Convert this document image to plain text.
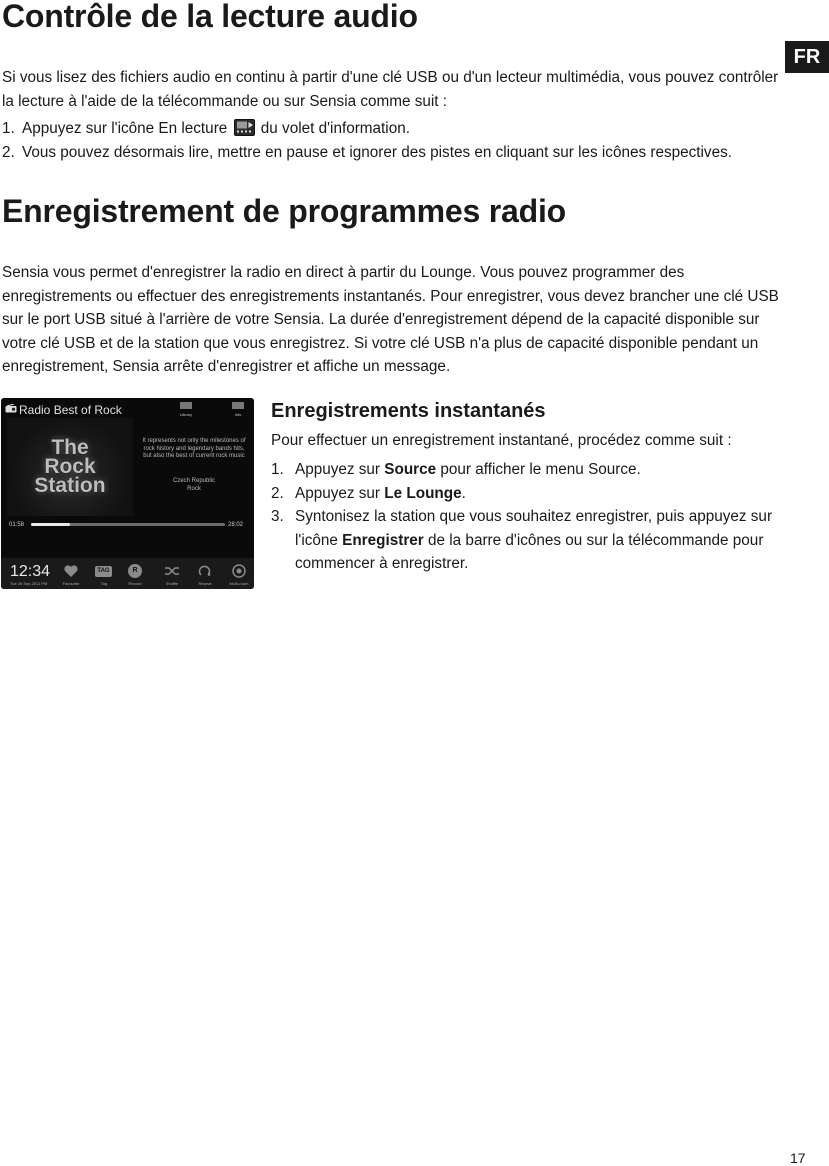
FR
Contrôle de la lecture audio

Si vous lisez des fichiers audio en continu à partir d'une clé USB ou d'un lecteur multimédia, vous pouvez contrôler la lecture à l'aide de la télécommande ou sur Sensia comme suit :

1. Appuyez sur l'icône En lecture du volet d'information.
2. Vous pouvez désormais lire, mettre en pause et ignorer des pistes en cliquant sur les icônes respectives.
Enregistrement de programmes radio

Sensia vous permet d'enregistrer la radio en direct à partir du Lounge. Vous pouvez programmer des enregistrements ou effectuer des enregistrements instantanés. Pour enregistrer, vous devez brancher une clé USB sur le port USB situé à l'arrière de votre Sensia. La durée d'enregistrement dépend de la capacité disponible sur votre clé USB et de la station que vous enregistrez. Si votre clé USB n'a plus de capacité disponible pendant un enregistrement, Sensia arrête d'enregistrer et affiche un message.

Radio Best of Rock	Library	Info
The
Rock
Station
It represents not only the milestones of rock history and legendary bands hits, but also the best of current rock music
Czech Republic
Rock
01:58	28:02
12:34
Tue 26 Sep 2011 PM	Favourite
TAG
Tag
R
Record	Shuffle	Repeat	Multi-room
Enregistrements instantanés

Pour effectuer un enregistrement instantané, procédez comme suit :

1. Appuyez sur Source pour afficher le menu Source.
2. Appuyez sur Le Lounge.
3. Syntonisez la station que vous souhaitez enregistrer, puis appuyez sur l'icône Enregistrer de la barre d'icônes ou sur la télécommande pour commencer à enregistrer.
17
